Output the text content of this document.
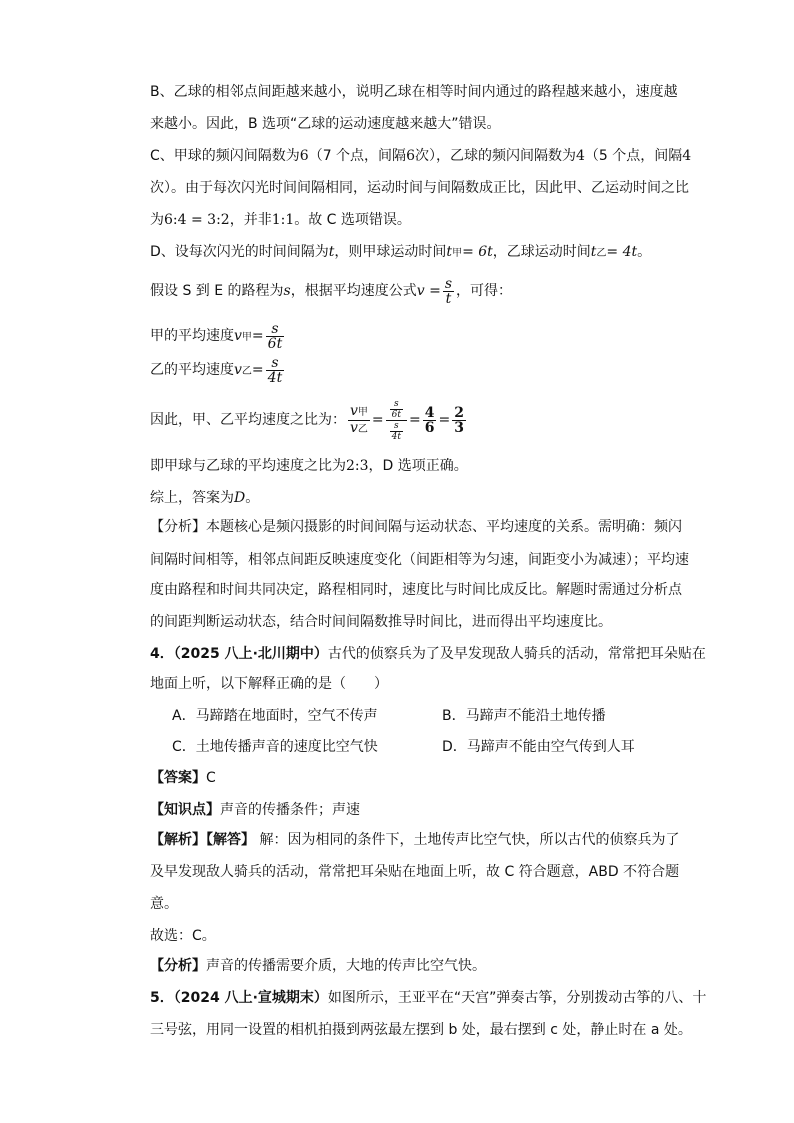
B、乙球的相邻点间距越来越小，说明乙球在相等时间内通过的路程越来越小，速度越
来越小。因此，B 选项“乙球的运动速度越来越大”错误。
C、甲球的频闪间隔数为6（7 个点，间隔6次），乙球的频闪间隔数为4（5 个点，间隔4
次）。由于每次闪光时间间隔相同，运动时间与间隔数成正比，因此甲、乙运动时间之比
为6:4 = 3:2，并非1:1。故 C 选项错误。
D、设每次闪光的时间间隔为t，则甲球运动时间t甲= 6t，乙球运动时间t乙= 4t。
假设 S 到 E 的路程为s，根据平均速度公式$v = \frac{s}{t}$ ，可得：
甲的平均速度v甲= $\frac{s}{6t}$
乙的平均速度v乙= $\frac{s}{4t}$
因此，甲、乙平均速度之比为： $\frac{\text{v甲}}{\text{v乙}} = \frac{\frac{s}{6t}}{\frac{s}{4t}} = \frac{4}{6} = \frac{2}{3}$
即甲球与乙球的平均速度之比为2:3，D 选项正确。
综上，答案为D。
【分析】本题核心是频闪摄影的时间间隔与运动状态、平均速度的关系。需明确：频闪
间隔时间相等，相邻点间距反映速度变化（间距相等为匀速，间距变小为减速）；平均速
度由路程和时间共同决定，路程相同时，速度比与时间比成反比。解题时需通过分析点
的间距判断运动状态，结合时间间隔数推导时间比，进而得出平均速度比。
4．（2025 八上·北川期中）古代的侦察兵为了及早发现敌人骑兵的活动，常常把耳朵贴在
地面上听，以下解释正确的是（　　）
A．马蹄踏在地面时，空气不传声	B．马蹄声不能沿土地传播
C．土地传播声音的速度比空气快	D．马蹄声不能由空气传到人耳
【答案】C
【知识点】声音的传播条件；声速
【解析】【解答】 解：因为相同的条件下，土地传声比空气快，所以古代的侦察兵为了
及早发现敌人骑兵的活动，常常把耳朵贴在地面上听，故 C 符合题意，ABD 不符合题
意。
故选：C。
【分析】声音的传播需要介质，大地的传声比空气快。
5．（2024 八上·宣城期末）如图所示，王亚平在“天宫”弹奏古筝，分别拨动古筝的八、十
三号弦，用同一设置的相机拍摄到两弦最左摆到 b 处，最右摆到 c 处，静止时在 a 处。
